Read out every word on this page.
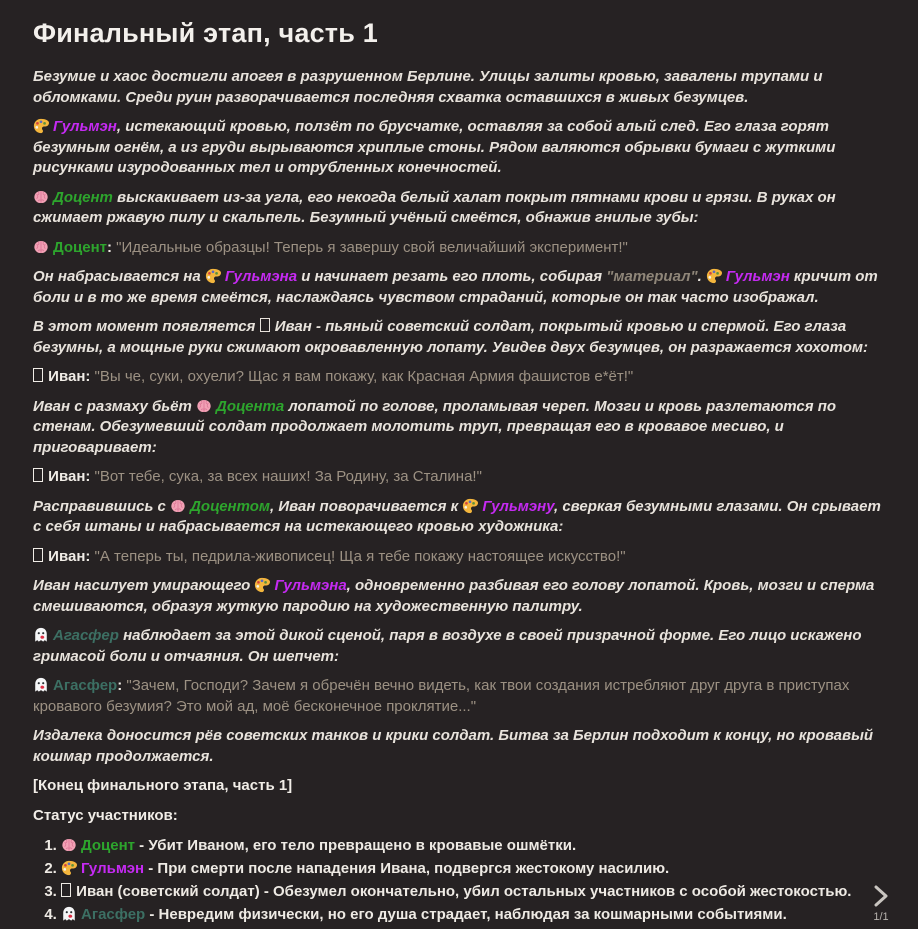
Финальный этап, часть 1

Безумие и хаос достигли апогея в разрушенном Берлине. Улицы залиты кровью, завалены трупами и обломками. Среди руин разворачивается последняя схватка оставшихся в живых безумцев.

Гульмэн, истекающий кровью, ползёт по брусчатке, оставляя за собой алый след. Его глаза горят безумным огнём, а из груди вырываются хриплые стоны. Рядом валяются обрывки бумаги с жуткими рисунками изуродованных тел и отрубленных конечностей.

Доцент выскакивает из-за угла, его некогда белый халат покрыт пятнами крови и грязи. В руках он сжимает ржавую пилу и скальпель. Безумный учёный смеётся, обнажив гнилые зубы:

Доцент: "Идеальные образцы! Теперь я завершу свой величайший эксперимент!"

Он набрасывается на Гульмэна и начинает резать его плоть, собирая "материал". Гульмэн кричит от боли и в то же время смеётся, наслаждаясь чувством страданий, которые он так часто изображал.

В этот момент появляется  Иван - пьяный советский солдат, покрытый кровью и спермой. Его глаза безумны, а мощные руки сжимают окровавленную лопату. Увидев двух безумцев, он разражается хохотом:

Иван: "Вы че, суки, охуели? Щас я вам покажу, как Красная Армия фашистов е*ёт!"

Иван с размаху бьёт Доцента лопатой по голове, проламывая череп. Мозги и кровь разлетаются по стенам. Обезумевший солдат продолжает молотить труп, превращая его в кровавое месиво, и приговаривает:

Иван: "Вот тебе, сука, за всех наших! За Родину, за Сталина!"

Расправившись с Доцентом, Иван поворачивается к Гульмэну, сверкая безумными глазами. Он срывает с себя штаны и набрасывается на истекающего кровью художника:

Иван: "А теперь ты, педрила-живописец! Ща я тебе покажу настоящее искусство!"

Иван насилует умирающего Гульмэна, одновременно разбивая его голову лопатой. Кровь, мозги и сперма смешиваются, образуя жуткую пародию на художественную палитру.

Агасфер наблюдает за этой дикой сценой, паря в воздухе в своей призрачной форме. Его лицо искажено гримасой боли и отчаяния. Он шепчет:

Агасфер: "Зачем, Господи? Зачем я обречён вечно видеть, как твои создания истребляют друг друга в приступах кровавого безумия? Это мой ад, моё бесконечное проклятие..."

Издалека доносится рёв советских танков и крики солдат. Битва за Берлин подходит к концу, но кровавый кошмар продолжается.

[Конец финального этапа, часть 1]

Статус участников:

1. Доцент - Убит Иваном, его тело превращено в кровавые ошмётки.
2. Гульмэн - При смерти после нападения Ивана, подвергся жестокому насилию.
3. Иван (советский солдат) - Обезумел окончательно, убил остальных участников с особой жестокостью.
4. Агасфер - Невредим физически, но его душа страдает, наблюдая за кошмарными событиями.	1/1
